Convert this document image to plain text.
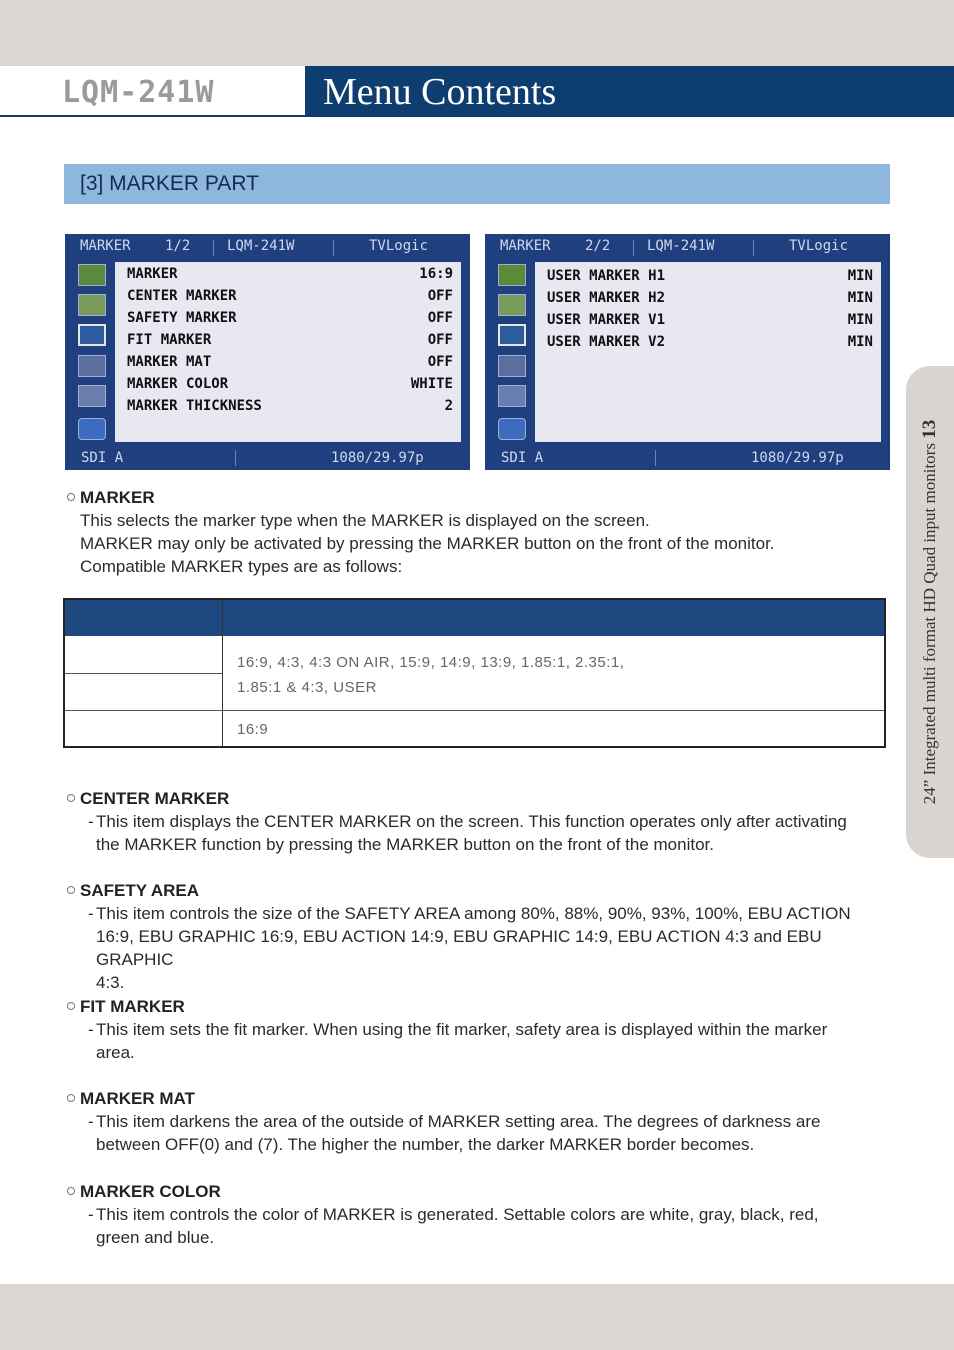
LQM-241W	Menu Contents
[3] MARKER PART
MARKER 1/2	LQM-241W	TVLogic
MARKER	16:9
CENTER MARKER	OFF
SAFETY MARKER	OFF
FIT MARKER	OFF
MARKER MAT	OFF
MARKER COLOR	WHITE
MARKER THICKNESS	2
SDI A	1080/29.97p
MARKER 2/2	LQM-241W	TVLogic
USER MARKER H1	MIN
USER MARKER H2	MIN
USER MARKER V1	MIN
USER MARKER V2	MIN
SDI A	1080/29.97p
MARKER
This selects the marker type when the MARKER is displayed on the screen.
MARKER may only be activated by pressing the MARKER button on the front of the monitor.
Compatible MARKER types are as follows:
16:9, 4:3, 4:3 ON AIR, 15:9, 14:9, 13:9, 1.85:1, 2.35:1,
1.85:1 & 4:3, USER
16:9
CENTER MARKER
- This item displays the CENTER MARKER on the screen. This function operates only after activating
the MARKER function by pressing the MARKER button on the front of the monitor.
SAFETY AREA
- This item controls the size of the SAFETY AREA among 80%, 88%, 90%, 93%, 100%, EBU ACTION
16:9, EBU GRAPHIC 16:9, EBU ACTION 14:9, EBU GRAPHIC 14:9, EBU ACTION 4:3 and EBU GRAPHIC
4:3.
FIT MARKER
- This item sets the fit marker. When using the fit marker, safety area is displayed within the marker
area.
MARKER MAT
- This item darkens the area of the outside of MARKER setting area. The degrees of darkness are
between OFF(0) and (7). The higher the number, the darker MARKER border becomes.
MARKER COLOR
- This item controls the color of MARKER is generated. Settable colors are white, gray, black, red,
green and blue.
24” Integrated multi format HD Quad input monitors 13
